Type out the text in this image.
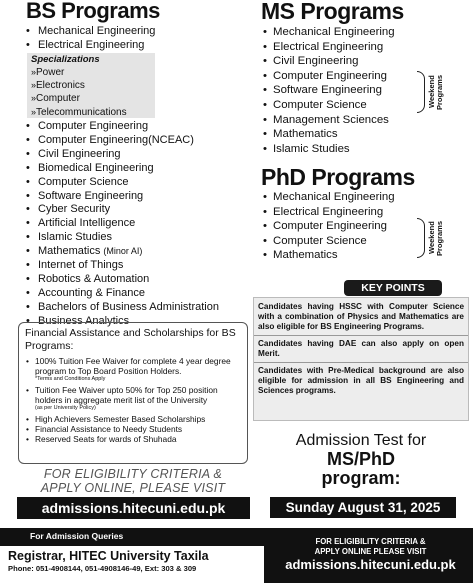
BS Programs
• Mechanical Engineering
• Electrical Engineering
Specializations
»Power
»Electronics
»Computer
»Telecommunications
• Computer Engineering
• Computer Engineering(NCEAC)
• Civil Engineering
• Biomedical Engineering
• Computer Science
• Software Engineering
• Cyber Security
• Artificial Intelligence
• Islamic Studies
• Mathematics (Minor AI)
• Internet of Things
• Robotics & Automation
• Accounting & Finance
• Bachelors of Business Administration
• Business Analytics
Financial Assistance and Scholarships for BS Programs:
• 100% Tuition Fee Waiver for complete 4 year degree program to Top Board Position Holders.
*Terms and Conditions Apply
• Tuition Fee Waiver upto 50% for Top 250 position holders in aggregate merit list of the University
(as per University Policy)
• High Achievers Semester Based Scholarships
• Financial Assistance to Needy Students
• Reserved Seats for wards of Shuhada
FOR ELIGIBILITY CRITERIA &
APPLY ONLINE, PLEASE VISIT
admissions.hitecuni.edu.pk
MS Programs
• Mechanical Engineering
• Electrical Engineering
• Civil Engineering
• Computer Engineering
• Software Engineering
• Computer Science
• Management Sciences
• Mathematics
• Islamic Studies
Weekend Programs
PhD Programs
• Mechanical Engineering
• Electrical Engineering
• Computer Engineering
• Computer Science
• Mathematics
Weekend Programs
KEY POINTS
Candidates having HSSC with Computer Science with a combination of Physics and Mathematics are also eligible for BS Engineering Programs.
Candidates having DAE can also apply on open Merit.
Candidates with Pre-Medical background are also eligible for admission in all BS Engineering and Sciences programs.
Admission Test for
MS/PhD
program:
Sunday August 31, 2025
For Admission Queries
Registrar, HITEC University Taxila
Phone: 051-4908144, 051-4908146-49, Ext: 303 & 309
FOR ELIGIBILITY CRITERIA &
APPLY ONLINE PLEASE VISIT
admissions.hitecuni.edu.pk
